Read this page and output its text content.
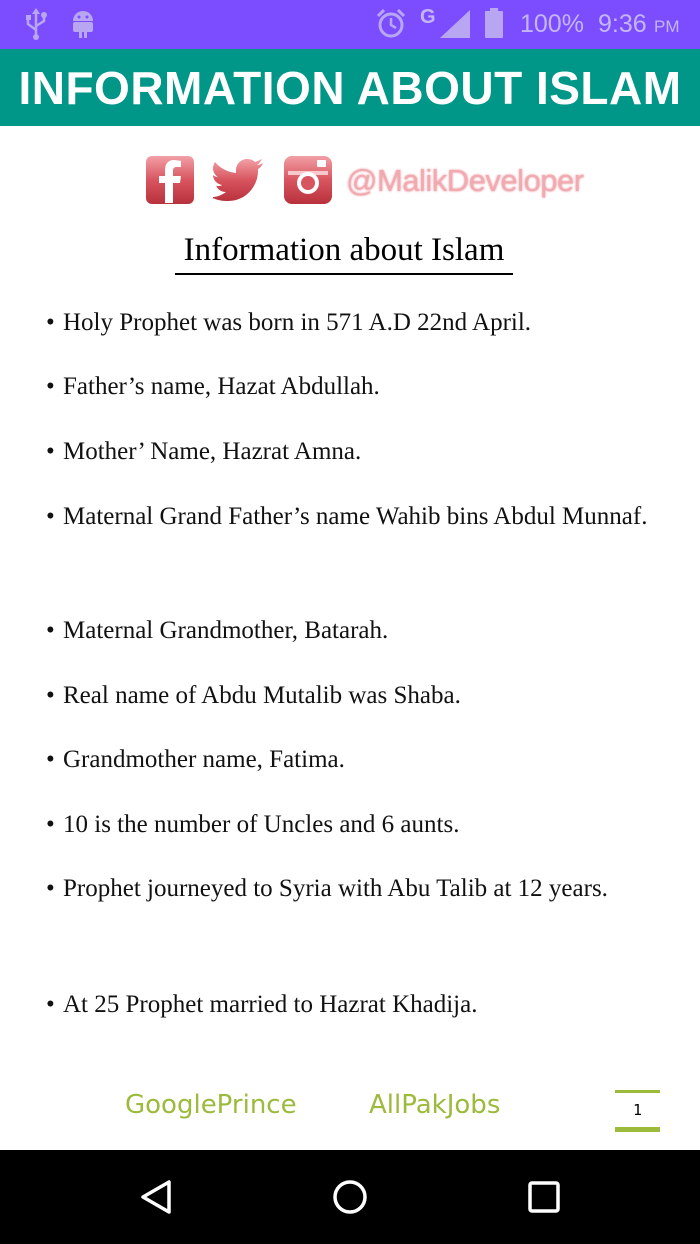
G	100% 9:36 PM
INFORMATION ABOUT ISLAM
@MalikDeveloper
Information about Islam
• Holy Prophet was born in 571 A.D 22nd April.
• Father’s name, Hazat Abdullah.
• Mother’ Name, Hazrat Amna.
• Maternal Grand Father’s name Wahib bins Abdul Munnaf.
• Maternal Grandmother, Batarah.
• Real name of Abdu Mutalib was Shaba.
• Grandmother name, Fatima.
• 10 is the number of Uncles and 6 aunts.
• Prophet journeyed to Syria with Abu Talib at 12 years.
• At 25 Prophet married to Hazrat Khadija.
GooglePrince	AllPakJobs	1
